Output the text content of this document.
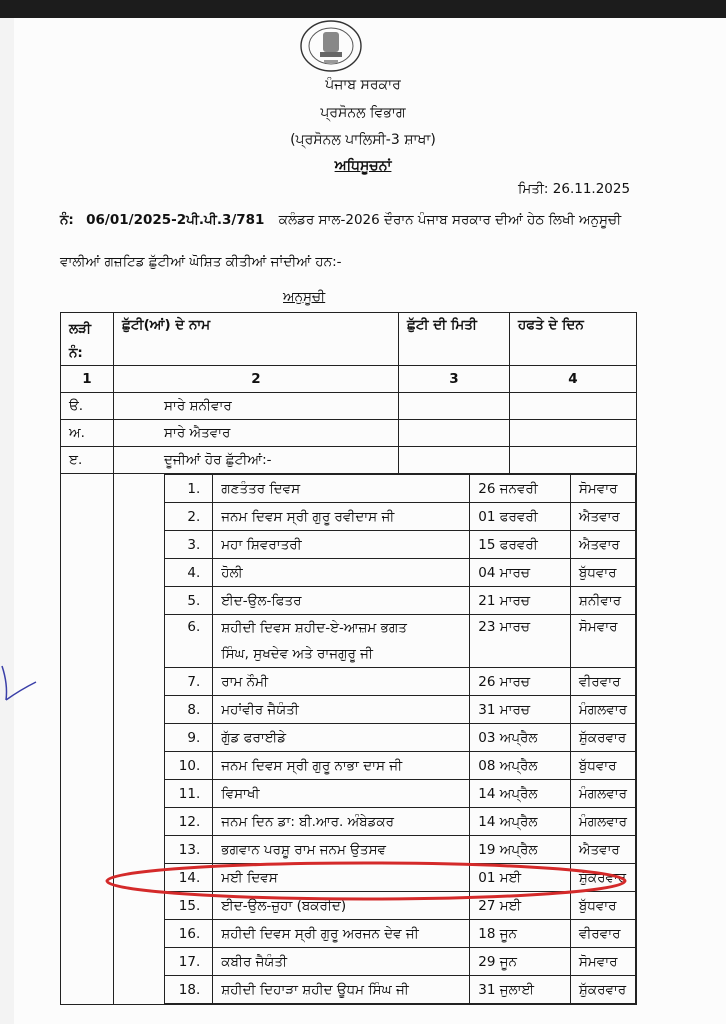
ਪੰਜਾਬ ਸਰਕਾਰ
ਪ੍ਰਸੋਨਲ ਵਿਭਾਗ
(ਪ੍ਰਸੋਨਲ ਪਾਲਿਸੀ-3 ਸ਼ਾਖਾ)
ਅਧਿਸੂਚਨਾਂ
ਮਿਤੀ: 26.11.2025
ਨੰ: 06/01/2025-2ਪੀ.ਪੀ.3/781 ਕਲੰਡਰ ਸਾਲ-2026 ਦੌਰਾਨ ਪੰਜਾਬ ਸਰਕਾਰ ਦੀਆਂ ਹੇਠ ਲਿਖੀ ਅਨੁਸੂਚੀ
ਵਾਲੀਆਂ ਗਜ਼ਟਿਡ ਛੁੱਟੀਆਂ ਘੋਸ਼ਿਤ ਕੀਤੀਆਂ ਜਾਂਦੀਆਂ ਹਨ:-
ਅਨੁਸੂਚੀ
ਲੜੀ ਨੰ:	ਛੁੱਟੀ(ਆਂ) ਦੇ ਨਾਮ	ਛੁੱਟੀ ਦੀ ਮਿਤੀ	ਹਫਤੇ ਦੇ ਦਿਨ
1	2	3	4
ੳ.	ਸਾਰੇ ਸ਼ਨੀਵਾਰ		
ਅ.	ਸਾਰੇ ਐਤਵਾਰ		
ੲ.	ਦੂਜੀਆਂ ਹੋਰ ਛੁੱਟੀਆਂ:-		

1.	ਗਣਤੰਤਰ ਦਿਵਸ	26 ਜਨਵਰੀ	ਸੋਮਵਾਰ
2.	ਜਨਮ ਦਿਵਸ ਸ੍ਰੀ ਗੁਰੂ ਰਵੀਦਾਸ ਜੀ	01 ਫਰਵਰੀ	ਐਤਵਾਰ
3.	ਮਹਾ ਸ਼ਿਵਰਾਤਰੀ	15 ਫਰਵਰੀ	ਐਤਵਾਰ
4.	ਹੋਲੀ	04 ਮਾਰਚ	ਬੁੱਧਵਾਰ
5.	ਈਦ-ਉਲ-ਫਿਤਰ	21 ਮਾਰਚ	ਸ਼ਨੀਵਾਰ
6.	ਸ਼ਹੀਦੀ ਦਿਵਸ ਸ਼ਹੀਦ-ਏ-ਆਜ਼ਮ ਭਗਤ
ਸਿੰਘ, ਸੁਖਦੇਵ ਅਤੇ ਰਾਜਗੁਰੂ ਜੀ
	23 ਮਾਰਚ	ਸੋਮਵਾਰ
7.	ਰਾਮ ਨੌਮੀ	26 ਮਾਰਚ	ਵੀਰਵਾਰ
8.	ਮਹਾਂਵੀਰ ਜੈਯੰਤੀ	31 ਮਾਰਚ	ਮੰਗਲਵਾਰ
9.	ਗੁੱਡ ਫਰਾਈਡੇ	03 ਅਪ੍ਰੈਲ	ਸ਼ੁੱਕਰਵਾਰ
10.	ਜਨਮ ਦਿਵਸ ਸ੍ਰੀ ਗੁਰੂ ਨਾਭਾ ਦਾਸ ਜੀ	08 ਅਪ੍ਰੈਲ	ਬੁੱਧਵਾਰ
11.	ਵਿਸਾਖੀ	14 ਅਪ੍ਰੈਲ	ਮੰਗਲਵਾਰ
12.	ਜਨਮ ਦਿਨ ਡਾ: ਬੀ.ਆਰ. ਅੰਬੇਡਕਰ	14 ਅਪ੍ਰੈਲ	ਮੰਗਲਵਾਰ
13.	ਭਗਵਾਨ ਪਰਸ਼ੂ ਰਾਮ ਜਨਮ ਉਤਸਵ	19 ਅਪ੍ਰੈਲ	ਐਤਵਾਰ
14.	ਮਈ ਦਿਵਸ	01 ਮਈ	ਸ਼ੁੱਕਰਵਾਰ
15.	ਈਦ-ਉਲ-ਜ਼ੁਹਾ (ਬਕਰੀਦ)	27 ਮਈ	ਬੁੱਧਵਾਰ
16.	ਸ਼ਹੀਦੀ ਦਿਵਸ ਸ੍ਰੀ ਗੁਰੂ ਅਰਜਨ ਦੇਵ ਜੀ	18 ਜੂਨ	ਵੀਰਵਾਰ
17.	ਕਬੀਰ ਜੈਯੰਤੀ	29 ਜੂਨ	ਸੋਮਵਾਰ
18.	ਸ਼ਹੀਦੀ ਦਿਹਾੜਾ ਸ਼ਹੀਦ ਊਧਮ ਸਿੰਘ ਜੀ	31 ਜੁਲਾਈ	ਸ਼ੁੱਕਰਵਾਰ
